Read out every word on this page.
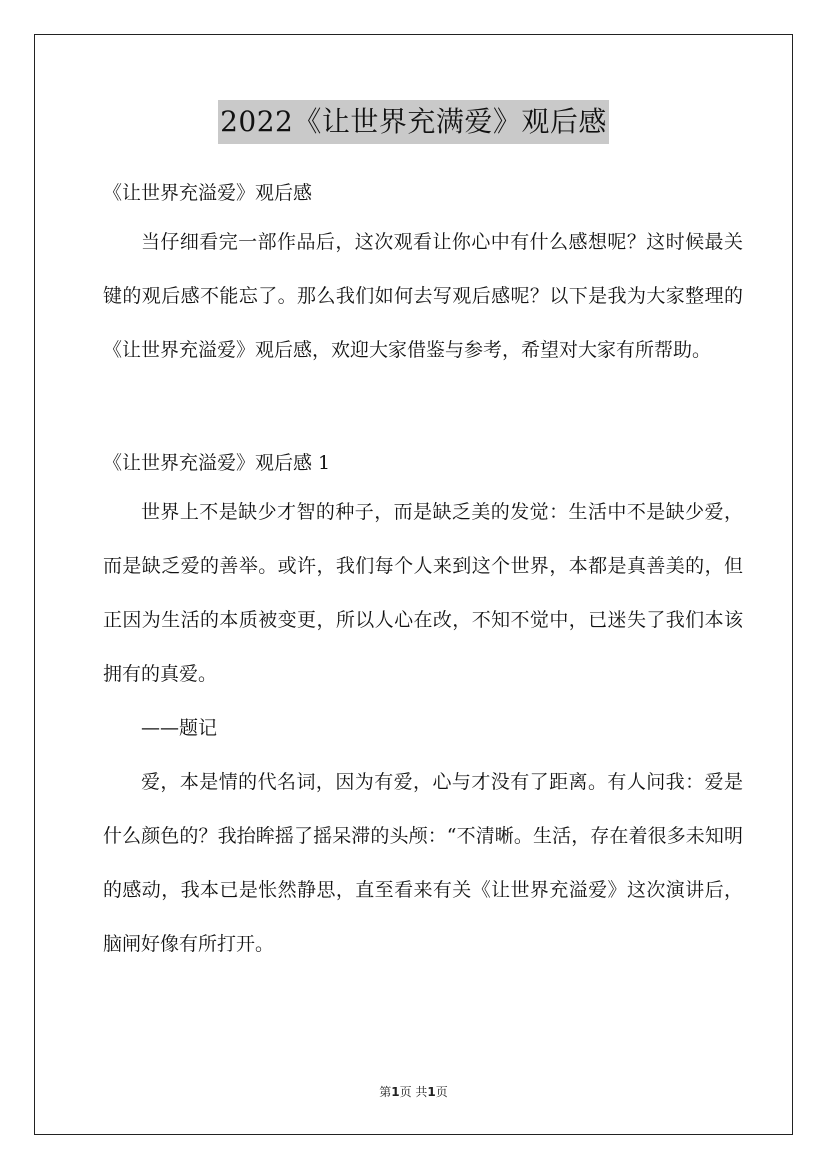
2022《让世界充满爱》观后感

《让世界充溢爱》观后感

当仔细看完一部作品后，这次观看让你心中有什么感想呢？这时候最关键的观后感不能忘了。那么我们如何去写观后感呢？以下是我为大家整理的《让世界充溢爱》观后感，欢迎大家借鉴与参考，希望对大家有所帮助。

《让世界充溢爱》观后感 1

世界上不是缺少才智的种子，而是缺乏美的发觉：生活中不是缺少爱，而是缺乏爱的善举。或许，我们每个人来到这个世界，本都是真善美的，但正因为生活的本质被变更，所以人心在改，不知不觉中，已迷失了我们本该拥有的真爱。

——题记

爱，本是情的代名词，因为有爱，心与才没有了距离。有人问我：爱是什么颜色的？我抬眸摇了摇呆滞的头颅：“不清晰。生活，存在着很多未知明的感动，我本已是怅然静思，直至看来有关《让世界充溢爱》这次演讲后，脑闸好像有所打开。

第1页 共1页
